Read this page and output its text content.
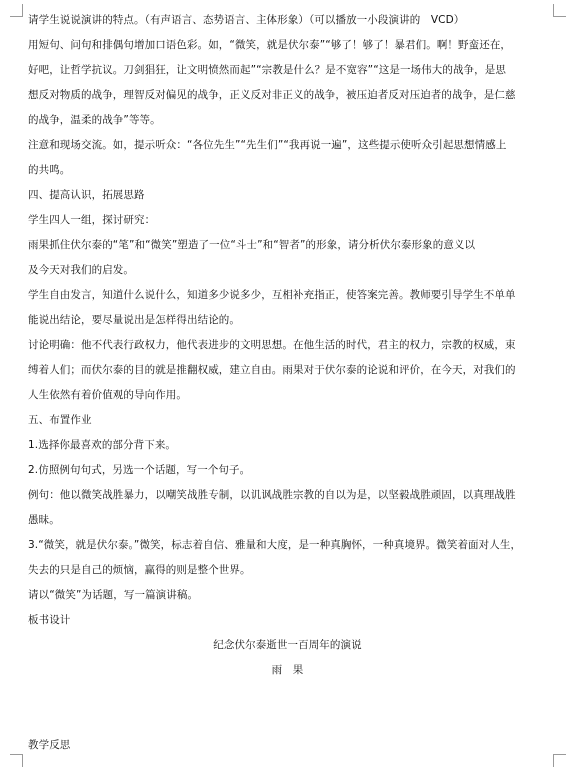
请学生说说演讲的特点。（有声语言、态势语言、主体形象）（可以播放一小段演讲的　VCD）
用短句、问句和排偶句增加口语色彩。如，“微笑，就是伏尔泰”“够了！够了！暴君们。啊！野蛮还在，
好吧，让哲学抗议。刀剑猖狂，让文明愤然而起”“宗教是什么？是不宽容”“这是一场伟大的战争，是思
想反对物质的战争，理智反对偏见的战争，正义反对非正义的战争，被压迫者反对压迫者的战争，是仁慈
的战争，温柔的战争”等等。
注意和现场交流。如，提示听众：“各位先生”“先生们”“我再说一遍”，这些提示使听众引起思想情感上
的共鸣。
四、提高认识，拓展思路
学生四人一组，探讨研究：
雨果抓住伏尔泰的“笔”和“微笑”塑造了一位“斗士”和“智者”的形象，请分析伏尔泰形象的意义以
及今天对我们的启发。
学生自由发言，知道什么说什么，知道多少说多少，互相补充指正，使答案完善。教师要引导学生不单单
能说出结论，要尽量说出是怎样得出结论的。
讨论明确：他不代表行政权力，他代表进步的文明思想。在他生活的时代，君主的权力，宗教的权威，束
缚着人们；而伏尔泰的目的就是推翻权威，建立自由。雨果对于伏尔泰的论说和评价，在今天，对我们的
人生依然有着价值观的导向作用。
五、布置作业
1.选择你最喜欢的部分背下来。
2.仿照例句句式，另选一个话题，写一个句子。
例句：他以微笑战胜暴力，以嘲笑战胜专制，以讥讽战胜宗教的自以为是，以坚毅战胜顽固，以真理战胜
愚昧。
3.“微笑，就是伏尔泰。”微笑，标志着自信、雅量和大度，是一种真胸怀，一种真境界。微笑着面对人生，
失去的只是自己的烦恼，赢得的则是整个世界。
请以“微笑”为话题，写一篇演讲稿。
板书设计
纪念伏尔泰逝世一百周年的演说
雨　果
教学反思
